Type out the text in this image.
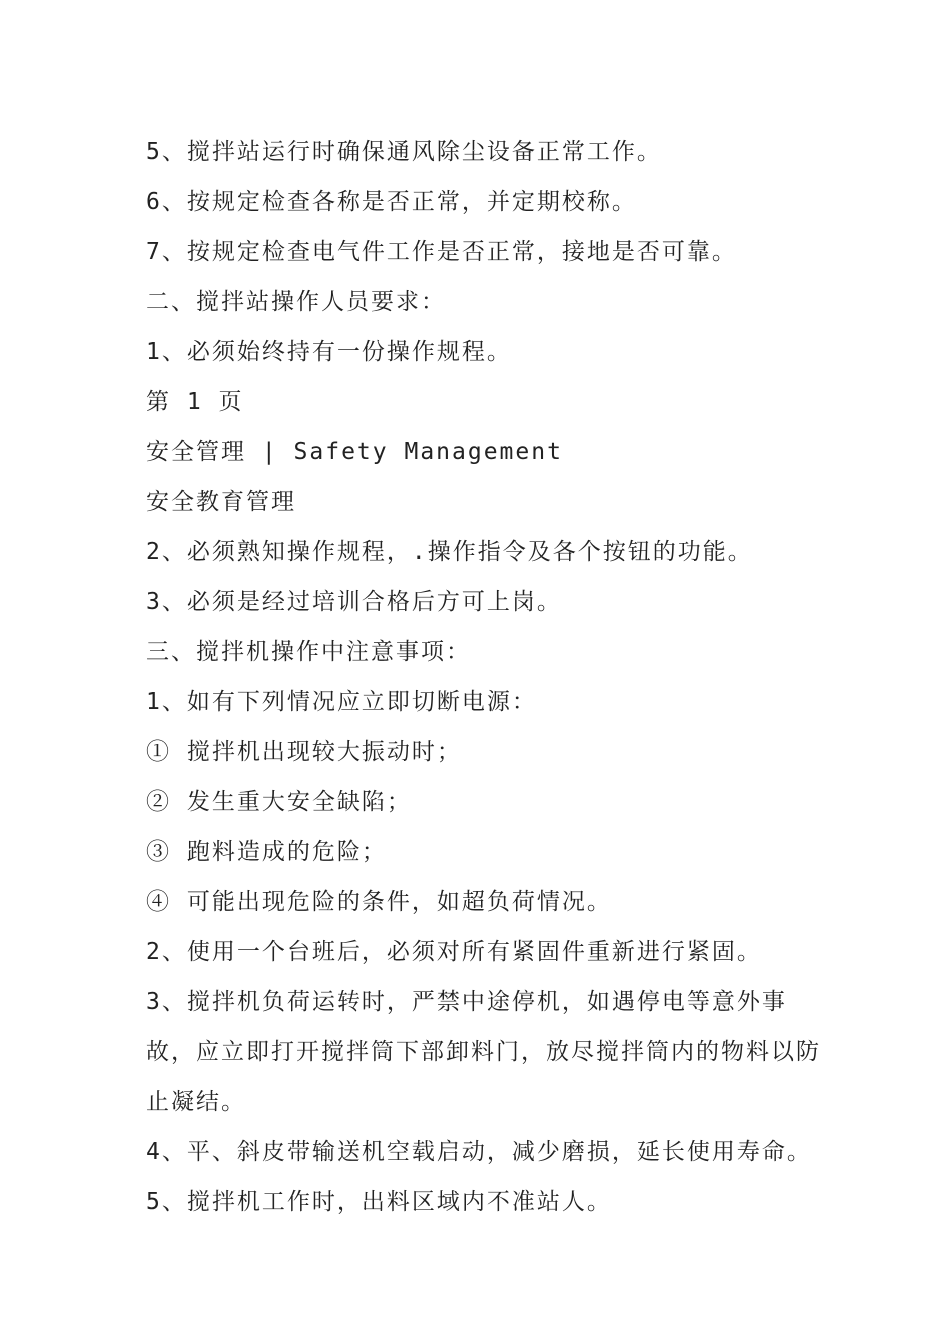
5、搅拌站运行时确保通风除尘设备正常工作。

6、按规定检查各称是否正常，并定期校称。

7、按规定检查电气件工作是否正常，接地是否可靠。

二、搅拌站操作人员要求：

1、必须始终持有一份操作规程。

第 1 页

安全管理 | Safety Management

安全教育管理

2、必须熟知操作规程，.操作指令及各个按钮的功能。

3、必须是经过培训合格后方可上岗。

三、搅拌机操作中注意事项：

1、如有下列情况应立即切断电源：

① 搅拌机出现较大振动时；

② 发生重大安全缺陷；

③ 跑料造成的危险；

④ 可能出现危险的条件，如超负荷情况。

2、使用一个台班后，必须对所有紧固件重新进行紧固。

3、搅拌机负荷运转时，严禁中途停机，如遇停电等意外事故，应立即打开搅拌筒下部卸料门，放尽搅拌筒内的物料以防止凝结。

4、平、斜皮带输送机空载启动，减少磨损，延长使用寿命。

5、搅拌机工作时，出料区域内不准站人。
